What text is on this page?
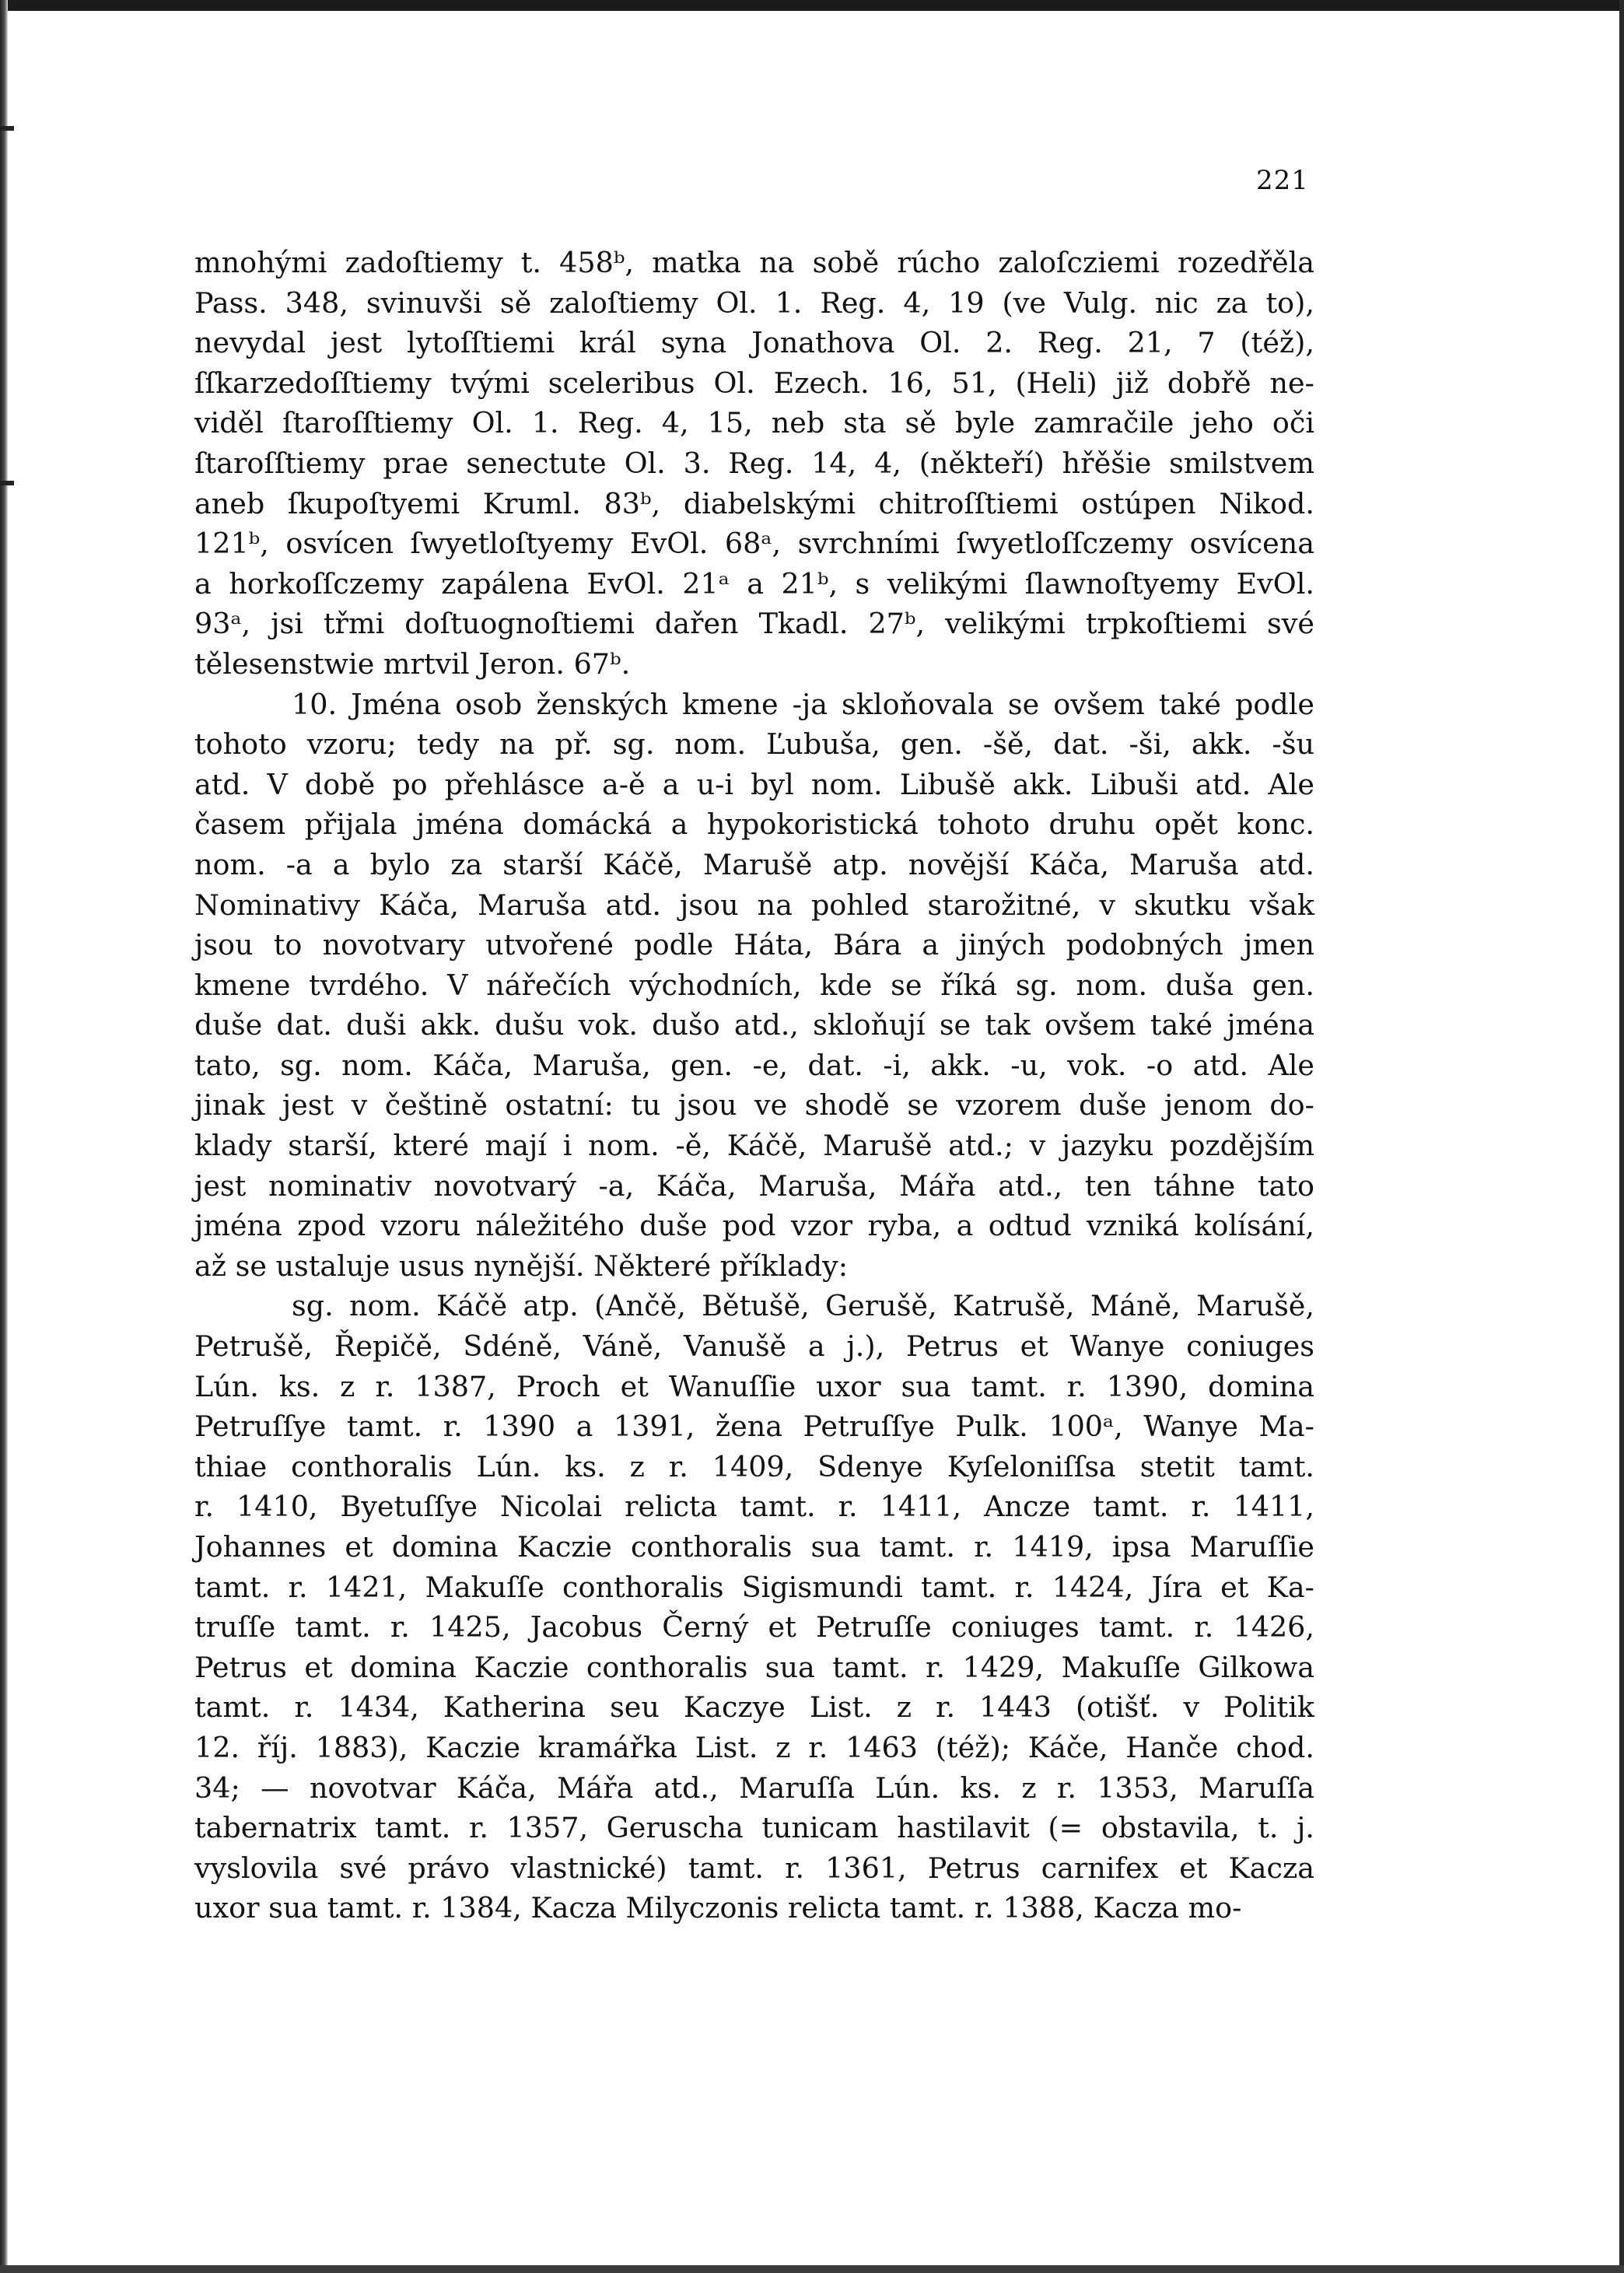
221
mnohými zadoſtiemy t. 458ᵇ, matka na sobě rúcho zaloſcziemi rozedřěla
Pass. 348, svinuvši sě zaloſtiemy Ol. 1. Reg. 4, 19 (ve Vulg. nic za to),
nevydal jest lytoſſtiemi král syna Jonathova Ol. 2. Reg. 21, 7 (též),
ſſkarzedoſſtiemy tvými sceleribus Ol. Ezech. 16, 51, (Heli) již dobřě ne-
viděl ſtaroſſtiemy Ol. 1. Reg. 4, 15, neb sta sě byle zamračile jeho oči
ſtaroſſtiemy prae senectute Ol. 3. Reg. 14, 4, (někteří) hřěšie smilstvem
aneb ſkupoſtyemi Kruml. 83ᵇ, diabelskými chitroſſtiemi ostúpen Nikod.
121ᵇ, osvícen ſwyetloſtyemy EvOl. 68ᵃ, svrchními ſwyetloſſczemy osvícena
a horkoſſczemy zapálena EvOl. 21ᵃ a 21ᵇ, s velikými ſlawnoſtyemy EvOl.
93ᵃ, jsi třmi doſtuognoſtiemi dařen Tkadl. 27ᵇ, velikými trpkoſtiemi své
tělesenstwie mrtvil Jeron. 67ᵇ.
10. Jména osob ženských kmene -ja skloňovala se ovšem také podle
tohoto vzoru; tedy na př. sg. nom. Ľubuša, gen. -šě, dat. -ši, akk. -šu
atd. V době po přehlásce a-ě a u-i byl nom. Libušě akk. Libuši atd. Ale
časem přijala jména domácká a hypokoristická tohoto druhu opět konc.
nom. -a a bylo za starší Káčě, Marušě atp. novější Káča, Maruša atd.
Nominativy Káča, Maruša atd. jsou na pohled starožitné, v skutku však
jsou to novotvary utvořené podle Háta, Bára a jiných podobných jmen
kmene tvrdého. V nářečích východních, kde se říká sg. nom. duša gen.
duše dat. duši akk. dušu vok. dušo atd., skloňují se tak ovšem také jména
tato, sg. nom. Káča, Maruša, gen. -e, dat. -i, akk. -u, vok. -o atd. Ale
jinak jest v češtině ostatní: tu jsou ve shodě se vzorem duše jenom do-
klady starší, které mají i nom. -ě, Káčě, Marušě atd.; v jazyku pozdějším
jest nominativ novotvarý -a, Káča, Maruša, Mářa atd., ten táhne tato
jména zpod vzoru náležitého duše pod vzor ryba, a odtud vzniká kolísání,
až se ustaluje usus nynější. Některé příklady:
sg. nom. Káčě atp. (Ančě, Bětušě, Gerušě, Katrušě, Máně, Marušě,
Petrušě, Řepičě, Sdéně, Váně, Vanušě a j.), Petrus et Wanye coniuges
Lún. ks. z r. 1387, Proch et Wanuſſie uxor sua tamt. r. 1390, domina
Petruſſye tamt. r. 1390 a 1391, žena Petruſſye Pulk. 100ᵃ, Wanye Ma-
thiae conthoralis Lún. ks. z r. 1409, Sdenye Kyſeloniſſsa stetit tamt.
r. 1410, Byetuſſye Nicolai relicta tamt. r. 1411, Ancze tamt. r. 1411,
Johannes et domina Kaczie conthoralis sua tamt. r. 1419, ipsa Maruſſie
tamt. r. 1421, Makuſſe conthoralis Sigismundi tamt. r. 1424, Jíra et Ka-
truſſe tamt. r. 1425, Jacobus Černý et Petruſſe coniuges tamt. r. 1426,
Petrus et domina Kaczie conthoralis sua tamt. r. 1429, Makuſſe Gilkowa
tamt. r. 1434, Katherina seu Kaczye List. z r. 1443 (otišť. v Politik
12. říj. 1883), Kaczie kramářka List. z r. 1463 (též); Káče, Hanče chod.
34; — novotvar Káča, Mářa atd., Maruſſa Lún. ks. z r. 1353, Maruſſa
tabernatrix tamt. r. 1357, Geruscha tunicam hastilavit (= obstavila, t. j.
vyslovila své právo vlastnické) tamt. r. 1361, Petrus carnifex et Kacza
uxor sua tamt. r. 1384, Kacza Milyczonis relicta tamt. r. 1388, Kacza mo-
